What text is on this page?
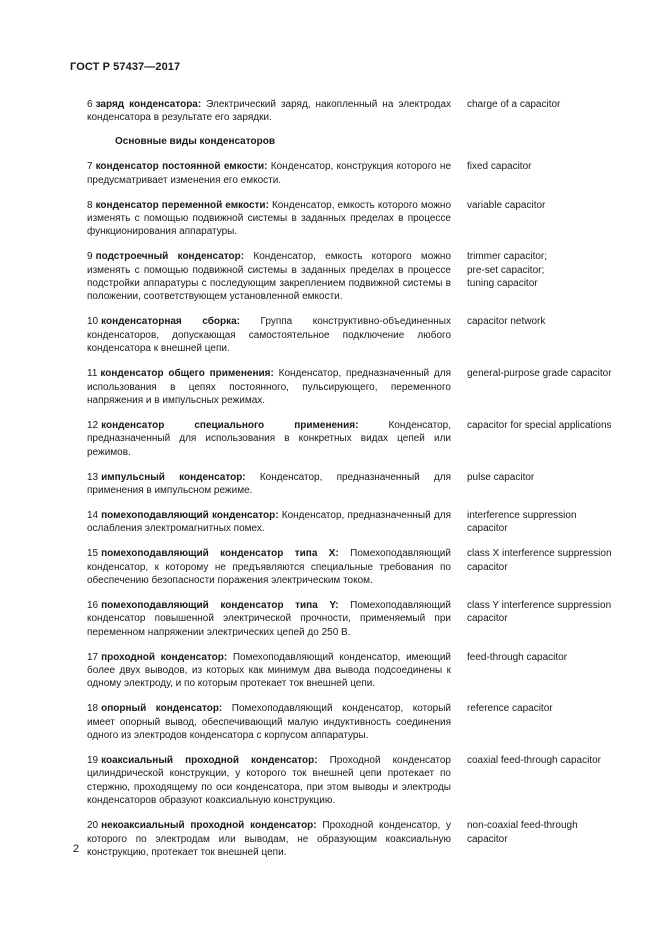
ГОСТ Р 57437—2017
6 заряд конденсатора: Электрический заряд, накопленный на электродах конденсатора в результате его зарядки.
charge of a capacitor
Основные виды конденсаторов
7 конденсатор постоянной емкости: Конденсатор, конструкция которого не предусматривает изменения его емкости.
fixed capacitor
8 конденсатор переменной емкости: Конденсатор, емкость которого можно изменять с помощью подвижной системы в заданных пределах в процессе функционирования аппаратуры.
variable capacitor
9 подстроечный конденсатор: Конденсатор, емкость которого можно изменять с помощью подвижной системы в заданных пределах в процессе подстройки аппаратуры с последующим закреплением подвижной системы в положении, соответствующем установленной емкости.
trimmer capacitor;
pre-set capacitor;
tuning capacitor
10 конденсаторная сборка: Группа конструктивно-объединенных конденсаторов, допускающая самостоятельное подключение любого конденсатора к внешней цепи.
capacitor network
11 конденсатор общего применения: Конденсатор, предназначенный для использования в цепях постоянного, пульсирующего, переменного напряжения и в импульсных режимах.
general-purpose grade capacitor
12 конденсатор специального применения: Конденсатор, предназначенный для использования в конкретных видах цепей или режимов.
capacitor for special applications
13 импульсный конденсатор: Конденсатор, предназначенный для применения в импульсном режиме.
pulse capacitor
14 помехоподавляющий конденсатор: Конденсатор, предназначенный для ослабления электромагнитных помех.
interference suppression capacitor
15 помехоподавляющий конденсатор типа X: Помехоподавляющий конденсатор, к которому не предъявляются специальные требования по обеспечению безопасности поражения электрическим током.
class X interference suppression capacitor
16 помехоподавляющий конденсатор типа Y: Помехоподавляющий конденсатор повышенной электрической прочности, применяемый при переменном напряжении электрических цепей до 250 В.
class Y interference suppression capacitor
17 проходной конденсатор: Помехоподавляющий конденсатор, имеющий более двух выводов, из которых как минимум два вывода подсоединены к одному электроду, и по которым протекает ток внешней цепи.
feed-through capacitor
18 опорный конденсатор: Помехоподавляющий конденсатор, который имеет опорный вывод, обеспечивающий малую индуктивность соединения одного из электродов конденсатора с корпусом аппаратуры.
reference capacitor
19 коаксиальный проходной конденсатор: Проходной конденсатор цилиндрической конструкции, у которого ток внешней цепи протекает по стержню, проходящему по оси конденсатора, при этом выводы и электроды конденсаторов образуют коаксиальную конструкцию.
coaxial feed-through capacitor
20 некоаксиальный проходной конденсатор: Проходной конденсатор, у которого по электродам или выводам, не образующим коаксиальную конструкцию, протекает ток внешней цепи.
non-coaxial feed-through capacitor
2
